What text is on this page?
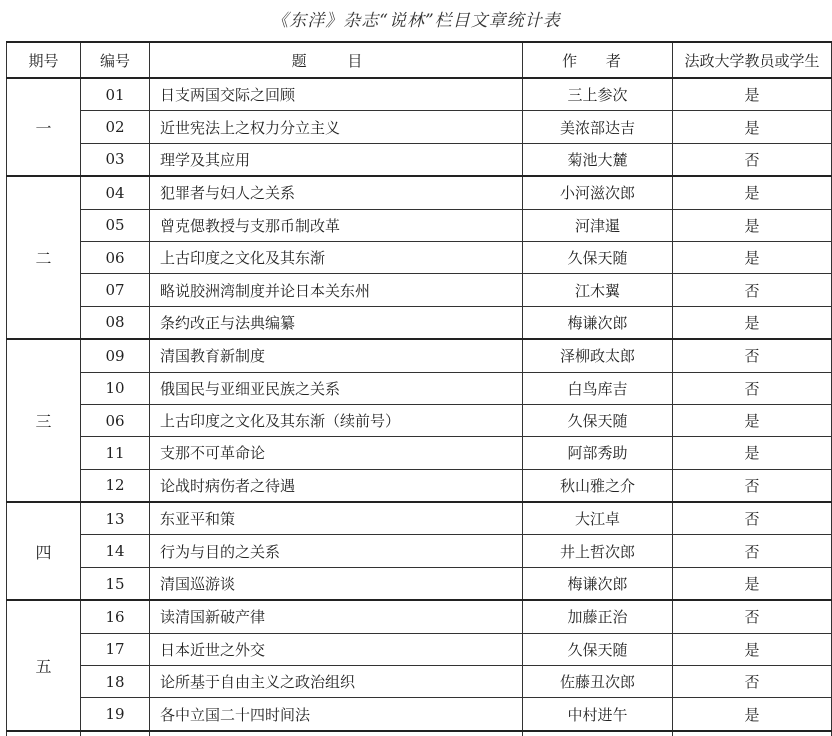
《东洋》杂志“说林”栏目文章统计表
期号	编号	题 目	作 者	法政大学教员或学生
一	01	日支两国交际之回顾	三上参次	是
	02	近世宪法上之权力分立主义	美浓部达吉	是
	03	理学及其应用	菊池大麓	否
二	04	犯罪者与妇人之关系	小河滋次郎	是
	05	曾克偲教授与支那币制改革	河津暹	是
	06	上古印度之文化及其东渐	久保天随	是
	07	略说胶洲湾制度并论日本关东州	江木翼	否
	08	条约改正与法典编纂	梅谦次郎	是
三	09	清国教育新制度	泽柳政太郎	否
	10	俄国民与亚细亚民族之关系	白鸟库吉	否
	06	上古印度之文化及其东渐（续前号）	久保天随	是
	11	支那不可革命论	阿部秀助	是
	12	论战时病伤者之待遇	秋山雅之介	否
四	13	东亚平和策	大江卓	否
	14	行为与目的之关系	井上哲次郎	否
	15	清国巡游谈	梅谦次郎	是
五	16	读清国新破产律	加藤正治	否
	17	日本近世之外交	久保天随	是
	18	论所基于自由主义之政治组织	佐藤丑次郎	否
	19	各中立国二十四时间法	中村进午	是
